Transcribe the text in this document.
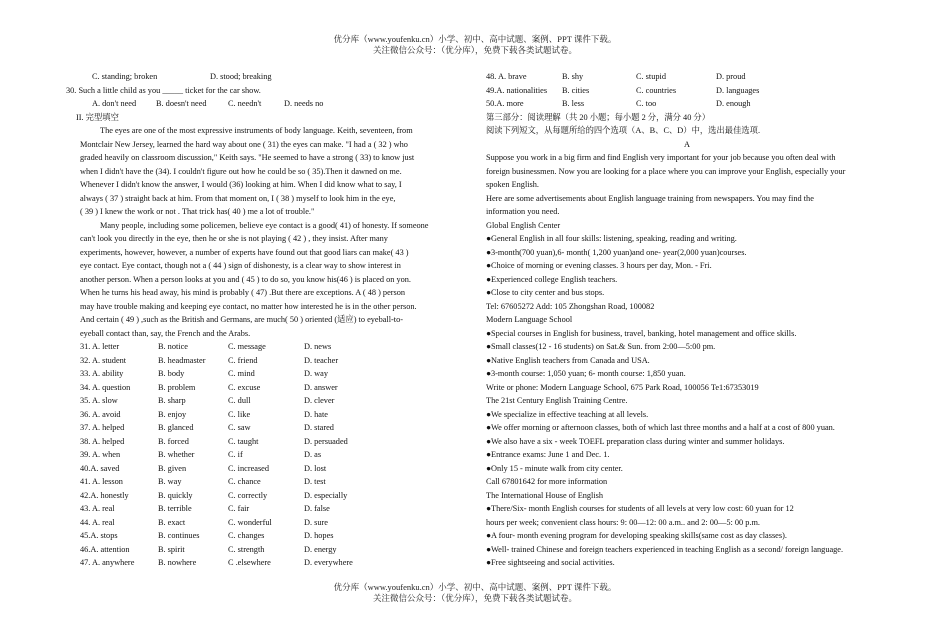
优分库（www.youfenku.cn）小学、初中、高中试题、案例、PPT 课件下载。
关注微信公众号：（优分库），免费下载各类试题试卷。
C. standing; broken	D. stood; breaking
30. Such a little child as you _____ ticket for the car show.
A. don't need B. doesn't need	C. needn't	D. needs no
II. 完型填空
The eyes are one of the most expressive instruments of body language. Keith, seventeen, from
Montclair New Jersey, learned the hard way about one ( 31) the eyes can make. "I had a ( 32 ) who
graded heavily on classroom discussion," Keith says. "He seemed to have a strong ( 33) to know just
when I didn't have the (34). I couldn't figure out how he could be so ( 35).Then it dawned on me.
Whenever I didn't know the answer, I would (36) looking at him. When I did know what to say, I
always ( 37 ) straight back at him. From that moment on, I ( 38 ) myself to look him in the eye,
( 39 ) I knew the work or not . That trick has( 40 ) me a lot of trouble."
Many people, including some policemen, believe eye contact is a good( 41) of honesty. If someone
can't look you directly in the eye, then he or she is not playing ( 42 ) , they insist. After many
experiments, however, however, a number of experts have found out that good liars can make( 43 )
eye contact. Eye contact, though not a ( 44 ) sign of dishonesty, is a clear way to show interest in
another person. When a person looks at you and ( 45 ) to do so, you know his(46 ) is placed on yon.
When he turns his head away, his mind is probably ( 47) .But there are exceptions. A ( 48 ) person
may have trouble making and keeping eye contact, no matter how interested he is in the other person.
And certain ( 49 ) ,such as the British and Germans, are much( 50 ) oriented (适应) to eyeball-to-
eyeball contact than, say, the French and the Arabs.
31. A. letter	B. notice	C. message	D. news
32. A. student	B. headmaster	C. friend	D. teacher
33. A. ability	B. body	C. mind	D. way
34. A. question	B. problem	C. excuse	D. answer
35. A. slow	B. sharp	C. dull	D. clever
36. A. avoid	B. enjoy	C. like	D. hate
37. A. helped	B. glanced	C. saw	D. stared
38. A. helped	B. forced	C. taught	D. persuaded
39. A. when	B. whether	C. if	D. as
40.A. saved	B. given	C. increased	D. lost
41. A. lesson	B. way	C. chance	D. test
42.A. honestly	B. quickly	C. correctly	D. especially
43. A. real	B. terrible	C. fair	D. false
44. A. real	B. exact	C. wonderful	D. sure
45.A. stops	B. continues	C. changes	D. hopes
46.A. attention	B. spirit	C. strength	D. energy
47. A. anywhere	B. nowhere	C .elsewhere	D. everywhere
48. A. brave	B. shy	C. stupid	D. proud
49.A. nationalities B. cities	C. countries	D. languages
50.A. more	B. less	C. too	D. enough
第三部分：阅读理解（共 20 小题；每小题 2 分，满分 40 分）
阅读下列短文，从每题所给的四个选项（A、B、C、D）中，选出最佳选项.
A
Suppose you work in a big firm and find English very important for your job because you often deal with
foreign businessmen. Now you are looking for a place where you can improve your English, especially your
spoken English.
Here are some advertisements about English language training from newspapers. You may find the
information you need.
Global English Center
●General English in all four skills: listening, speaking, reading and writing.
●3-month(700 yuan),6- month( 1,200 yuan)and one- year(2,000 yuan)courses.
●Choice of morning or evening classes. 3 hours per day, Mon. - Fri.
●Experienced college English teachers.
●Close to city center and bus stops.
Tel: 67605272 Add: 105 Zhongshan Road, 100082
Modern Language School
●Special courses in English for business, travel, banking, hotel management and office skills.
●Small classes(12 - 16 students) on Sat.& Sun. from 2:00—5:00 pm.
●Native English teachers from Canada and USA.
●3-month course: 1,050 yuan; 6- month course: 1,850 yuan.
Write or phone: Modern Language School, 675 Park Road, 100056 Te1:67353019
The 21st Century English Training Centre.
●We specialize in effective teaching at all levels.
●We offer morning or afternoon classes, both of which last three months and a half at a cost of 800 yuan.
●We also have a six - week TOEFL preparation class during winter and summer holidays.
●Entrance exams: June 1 and Dec. 1.
●Only 15 - minute walk from city center.
Call 67801642 for more information
The International House of English
●There/Six- month English courses for students of all levels at very low cost: 60 yuan for 12
hours per week; convenient class hours: 9: 00—12: 00 a.m.. and 2: 00—5: 00 p.m.
●A four- month evening program for developing speaking skills(same cost as day classes).
●Well- trained Chinese and foreign teachers experienced in teaching English as a second/ foreign language.
●Free sightseeing and social activities.
优分库（www.youfenku.cn）小学、初中、高中试题、案例、PPT 课件下载。
关注微信公众号：（优分库），免费下载各类试题试卷。
